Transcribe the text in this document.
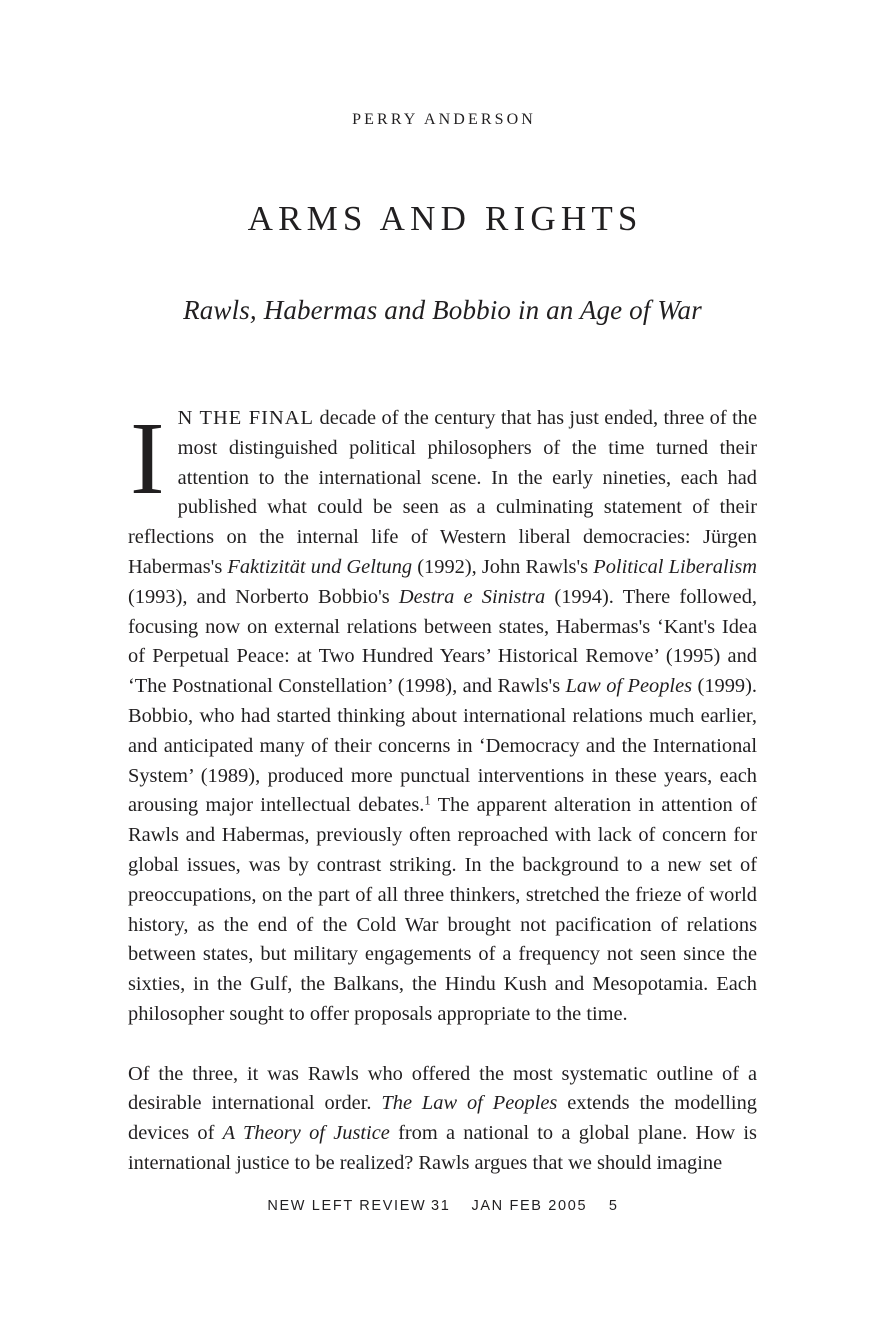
PERRY ANDERSON
ARMS AND RIGHTS
Rawls, Habermas and Bobbio in an Age of War

I N THE FINAL decade of the century that has just ended, three of the most distinguished political philosophers of the time turned their attention to the international scene. In the early nineties, each had published what could be seen as a culminating statement of their reflections on the internal life of Western liberal democracies: Jürgen Habermas's Faktizität und Geltung (1992), John Rawls's Political Liberalism (1993), and Norberto Bobbio's Destra e Sinistra (1994). There followed, focusing now on external relations between states, Habermas's ‘Kant's Idea of Perpetual Peace: at Two Hundred Years’ Historical Remove’ (1995) and ‘The Postnational Constellation’ (1998), and Rawls's Law of Peoples (1999). Bobbio, who had started thinking about international relations much earlier, and anticipated many of their concerns in ‘Democracy and the International System’ (1989), produced more punctual interventions in these years, each arousing major intellectual debates.$^1$ The apparent alteration in attention of Rawls and Habermas, previously often reproached with lack of concern for global issues, was by contrast striking. In the background to a new set of preoccupations, on the part of all three thinkers, stretched the frieze of world history, as the end of the Cold War brought not pacification of relations between states, but military engagements of a frequency not seen since the sixties, in the Gulf, the Balkans, the Hindu Kush and Mesopotamia. Each philosopher sought to offer proposals appropriate to the time.

Of the three, it was Rawls who offered the most systematic outline of a desirable international order. The Law of Peoples extends the modelling devices of A Theory of Justice from a national to a global plane. How is international justice to be realized? Rawls argues that we should imagine

NEW LEFT REVIEW 31 JAN FEB 2005 5
